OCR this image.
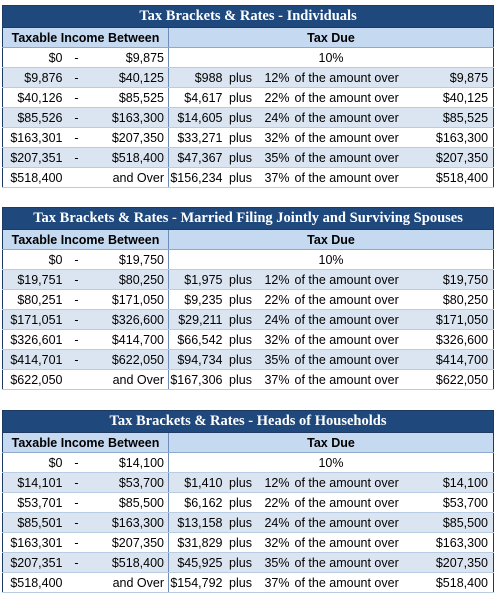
Tax Brackets & Rates - Individuals							
Taxable Income Between			Tax Due				
$0	-	$9,875	10%				
$9,876	-	$40,125	$988	plus	12%	of the amount over	$9,875
$40,126	-	$85,525	$4,617	plus	22%	of the amount over	$40,125
$85,526	-	$163,300	$14,605	plus	24%	of the amount over	$85,525
$163,301	-	$207,350	$33,271	plus	32%	of the amount over	$163,300
$207,351	-	$518,400	$47,367	plus	35%	of the amount over	$207,350
$518,400	and Over		$156,234	plus	37%	of the amount over	$518,400
Tax Brackets & Rates - Married Filing Jointly and Surviving Spouses							
Taxable Income Between			Tax Due				
$0	-	$19,750	10%				
$19,751	-	$80,250	$1,975	plus	12%	of the amount over	$19,750
$80,251	-	$171,050	$9,235	plus	22%	of the amount over	$80,250
$171,051	-	$326,600	$29,211	plus	24%	of the amount over	$171,050
$326,601	-	$414,700	$66,542	plus	32%	of the amount over	$326,600
$414,701	-	$622,050	$94,734	plus	35%	of the amount over	$414,700
$622,050	and Over		$167,306	plus	37%	of the amount over	$622,050
Tax Brackets & Rates - Heads of Households							
Taxable Income Between			Tax Due				
$0	-	$14,100	10%				
$14,101	-	$53,700	$1,410	plus	12%	of the amount over	$14,100
$53,701	-	$85,500	$6,162	plus	22%	of the amount over	$53,700
$85,501	-	$163,300	$13,158	plus	24%	of the amount over	$85,500
$163,301	-	$207,350	$31,829	plus	32%	of the amount over	$163,300
$207,351	-	$518,400	$45,925	plus	35%	of the amount over	$207,350
$518,400	and Over		$154,792	plus	37%	of the amount over	$518,400
